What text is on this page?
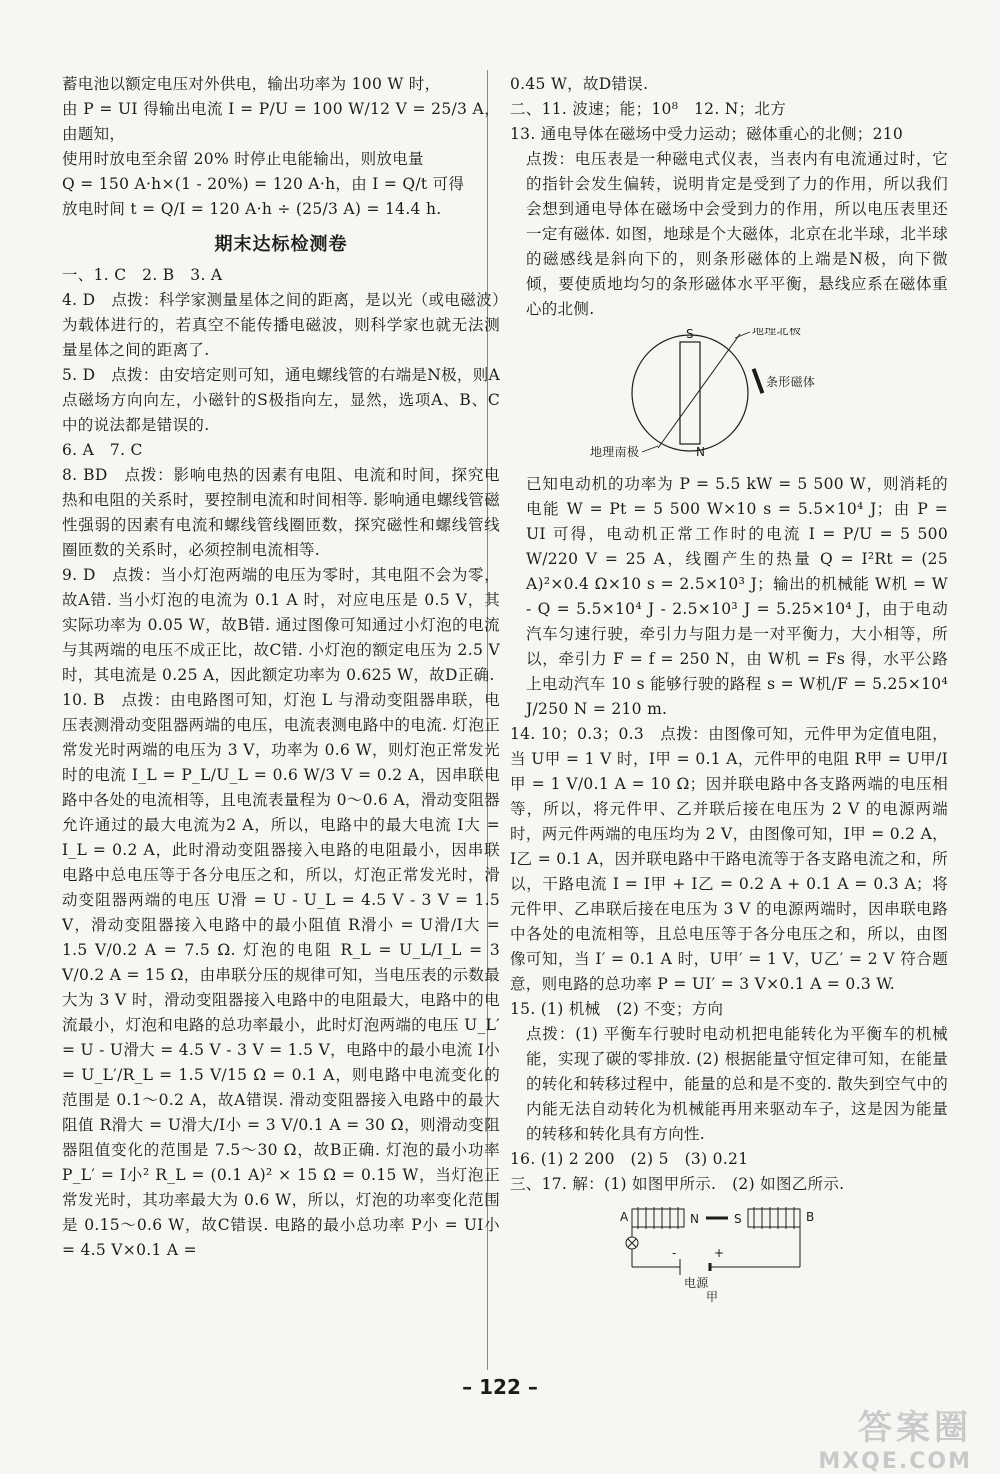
蓄电池以额定电压对外供电，输出功率为 100 W 时，

由 P = UI 得输出电流 I = P/U = 100 W/12 V = 25/3 A，由题知，

使用时放电至余留 20% 时停止电能输出，则放电量

Q = 150 A·h×(1 - 20%) = 120 A·h，由 I = Q/t 可得

放电时间 t = Q/I = 120 A·h ÷ (25/3 A) = 14.4 h.

期末达标检测卷

一、1. C　2. B　3. A

4. D　点拨：科学家测量星体之间的距离，是以光（或电磁波）为载体进行的，若真空不能传播电磁波，则科学家也就无法测量星体之间的距离了.

5. D　点拨：由安培定则可知，通电螺线管的右端是N极，则A点磁场方向向左，小磁针的S极指向左，显然，选项A、B、C中的说法都是错误的.

6. A　7. C

8. BD　点拨：影响电热的因素有电阻、电流和时间，探究电热和电阻的关系时，要控制电流和时间相等. 影响通电螺线管磁性强弱的因素有电流和螺线管线圈匝数，探究磁性和螺线管线圈匝数的关系时，必须控制电流相等.

9. D　点拨：当小灯泡两端的电压为零时，其电阻不会为零，故A错. 当小灯泡的电流为 0.1 A 时，对应电压是 0.5 V，其实际功率为 0.05 W，故B错. 通过图像可知通过小灯泡的电流与其两端的电压不成正比，故C错. 小灯泡的额定电压为 2.5 V 时，其电流是 0.25 A，因此额定功率为 0.625 W，故D正确.

10. B　点拨：由电路图可知，灯泡 L 与滑动变阻器串联，电压表测滑动变阻器两端的电压，电流表测电路中的电流. 灯泡正常发光时两端的电压为 3 V，功率为 0.6 W，则灯泡正常发光时的电流 I_L = P_L/U_L = 0.6 W/3 V = 0.2 A，因串联电路中各处的电流相等，且电流表量程为 0～0.6 A，滑动变阻器允许通过的最大电流为2 A，所以，电路中的最大电流 I大 = I_L = 0.2 A，此时滑动变阻器接入电路的电阻最小，因串联电路中总电压等于各分电压之和，所以，灯泡正常发光时，滑动变阻器两端的电压 U滑 = U - U_L = 4.5 V - 3 V = 1.5 V，滑动变阻器接入电路中的最小阻值 R滑小 = U滑/I大 = 1.5 V/0.2 A = 7.5 Ω. 灯泡的电阻 R_L = U_L/I_L = 3 V/0.2 A = 15 Ω，由串联分压的规律可知，当电压表的示数最大为 3 V 时，滑动变阻器接入电路中的电阻最大，电路中的电流最小，灯泡和电路的总功率最小，此时灯泡两端的电压 U_L′ = U - U滑大 = 4.5 V - 3 V = 1.5 V，电路中的最小电流 I小 = U_L′/R_L = 1.5 V/15 Ω = 0.1 A，则电路中电流变化的范围是 0.1～0.2 A，故A错误. 滑动变阻器接入电路中的最大阻值 R滑大 = U滑大/I小 = 3 V/0.1 A = 30 Ω，则滑动变阻器阻值变化的范围是 7.5～30 Ω，故B正确. 灯泡的最小功率 P_L′ = I小² R_L = (0.1 A)² × 15 Ω = 0.15 W，当灯泡正常发光时，其功率最大为 0.6 W，所以，灯泡的功率变化范围是 0.15～0.6 W，故C错误. 电路的最小总功率 P小 = UI小 = 4.5 V×0.1 A =

0.45 W，故D错误.

二、11. 波速；能；10⁸　12. N；北方

13. 通电导体在磁场中受力运动；磁体重心的北侧；210

点拨：电压表是一种磁电式仪表，当表内有电流通过时，它的指针会发生偏转，说明肯定是受到了力的作用，所以我们会想到通电导体在磁场中会受到力的作用，所以电压表里还一定有磁体. 如图，地球是个大磁体，北京在北半球，北半球的磁感线是斜向下的，则条形磁体的上端是N极，向下微倾，要使质地均匀的条形磁体水平平衡，悬线应系在磁体重心的北侧.

S
N
地理北极
地理南极
条形磁体

已知电动机的功率为 P = 5.5 kW = 5 500 W，则消耗的电能 W = Pt = 5 500 W×10 s = 5.5×10⁴ J；由 P = UI 可得，电动机正常工作时的电流 I = P/U = 5 500 W/220 V = 25 A，线圈产生的热量 Q = I²Rt = (25 A)²×0.4 Ω×10 s = 2.5×10³ J；输出的机械能 W机 = W - Q = 5.5×10⁴ J - 2.5×10³ J = 5.25×10⁴ J，由于电动汽车匀速行驶，牵引力与阻力是一对平衡力，大小相等，所以，牵引力 F = f = 250 N，由 W机 = Fs 得，水平公路上电动汽车 10 s 能够行驶的路程 s = W机/F = 5.25×10⁴ J/250 N = 210 m.

14. 10；0.3；0.3　点拨：由图像可知，元件甲为定值电阻，当 U甲 = 1 V 时，I甲 = 0.1 A，元件甲的电阻 R甲 = U甲/I甲 = 1 V/0.1 A = 10 Ω；因并联电路中各支路两端的电压相等，所以，将元件甲、乙并联后接在电压为 2 V 的电源两端时，两元件两端的电压均为 2 V，由图像可知，I甲 = 0.2 A，I乙 = 0.1 A，因并联电路中干路电流等于各支路电流之和，所以，干路电流 I = I甲 + I乙 = 0.2 A + 0.1 A = 0.3 A；将元件甲、乙串联后接在电压为 3 V 的电源两端时，因串联电路中各处的电流相等，且总电压等于各分电压之和，所以，由图像可知，当 I′ = 0.1 A 时，U甲′ = 1 V，U乙′ = 2 V 符合题意，则电路的总功率 P = UI′ = 3 V×0.1 A = 0.3 W.

15. (1) 机械　(2) 不变；方向

点拨：(1) 平衡车行驶时电动机把电能转化为平衡车的机械能，实现了碳的零排放. (2) 根据能量守恒定律可知，在能量的转化和转移过程中，能量的总和是不变的. 散失到空气中的内能无法自动转化为机械能再用来驱动车子，这是因为能量的转移和转化具有方向性.

16. (1) 2 200　(2) 5　(3) 0.21

三、17. 解：(1) 如图甲所示.　(2) 如图乙所示.

A	N	S	B
-	+
电源
甲
– 122 –
答案圈
MXQE.COM
